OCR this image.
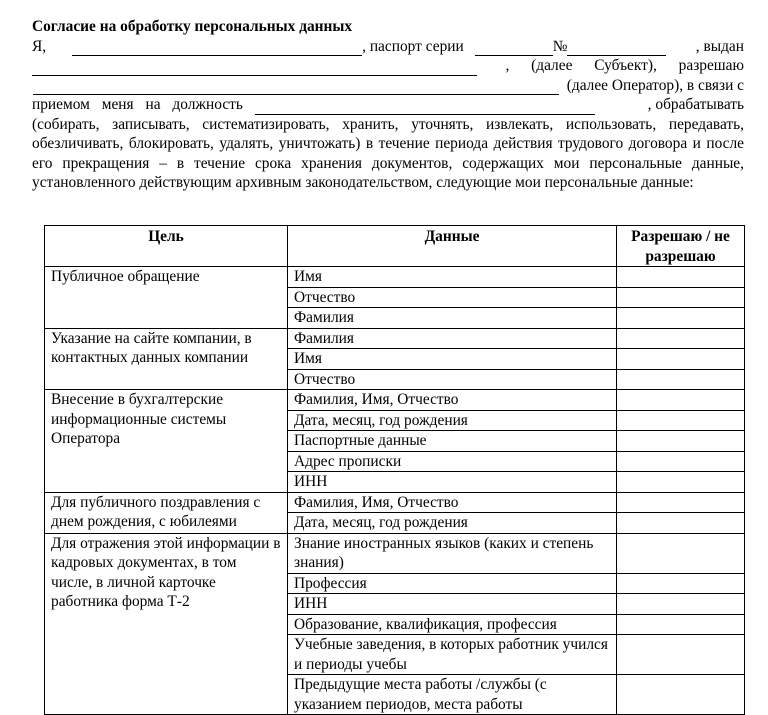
Согласие на обработку персональных данных
Я,	, паспорт серии	№	, выдан
, (далее Субъект), разрешаю
(далее Оператор), в связи с
приемом меня на должность	, обрабатывать
(собирать, записывать, систематизировать, хранить, уточнять, извлекать, использовать, передавать, обезличивать, блокировать, удалять, уничтожать) в течение периода действия трудового договора и после его прекращения – в течение срока хранения документов, содержащих мои персональные данные, установленного действующим архивным законодательством, следующие мои персональные данные:
Цель	Данные	Разрешаю / не разрешаю
Публичное обращение	Имя	
	Отчество	
	Фамилия	
Указание на сайте компании, в контактных данных компании	Фамилия	
	Имя	
	Отчество	
Внесение в бухгалтерские информационные системы Оператора	Фамилия, Имя, Отчество	
	Дата, месяц, год рождения	
	Паспортные данные	
	Адрес прописки	
	ИНН	
Для публичного поздравления с днем рождения, с юбилеями	Фамилия, Имя, Отчество	
	Дата, месяц, год рождения	
Для отражения этой информации в кадровых документах, в том числе, в личной карточке работника форма Т-2	Знание иностранных языков (каких и степень знания)	
	Профессия	
	ИНН	
	Образование, квалификация, профессия	
	Учебные заведения, в которых работник учился и периоды учебы	
	Предыдущие места работы /службы (с указанием периодов, места работы	
